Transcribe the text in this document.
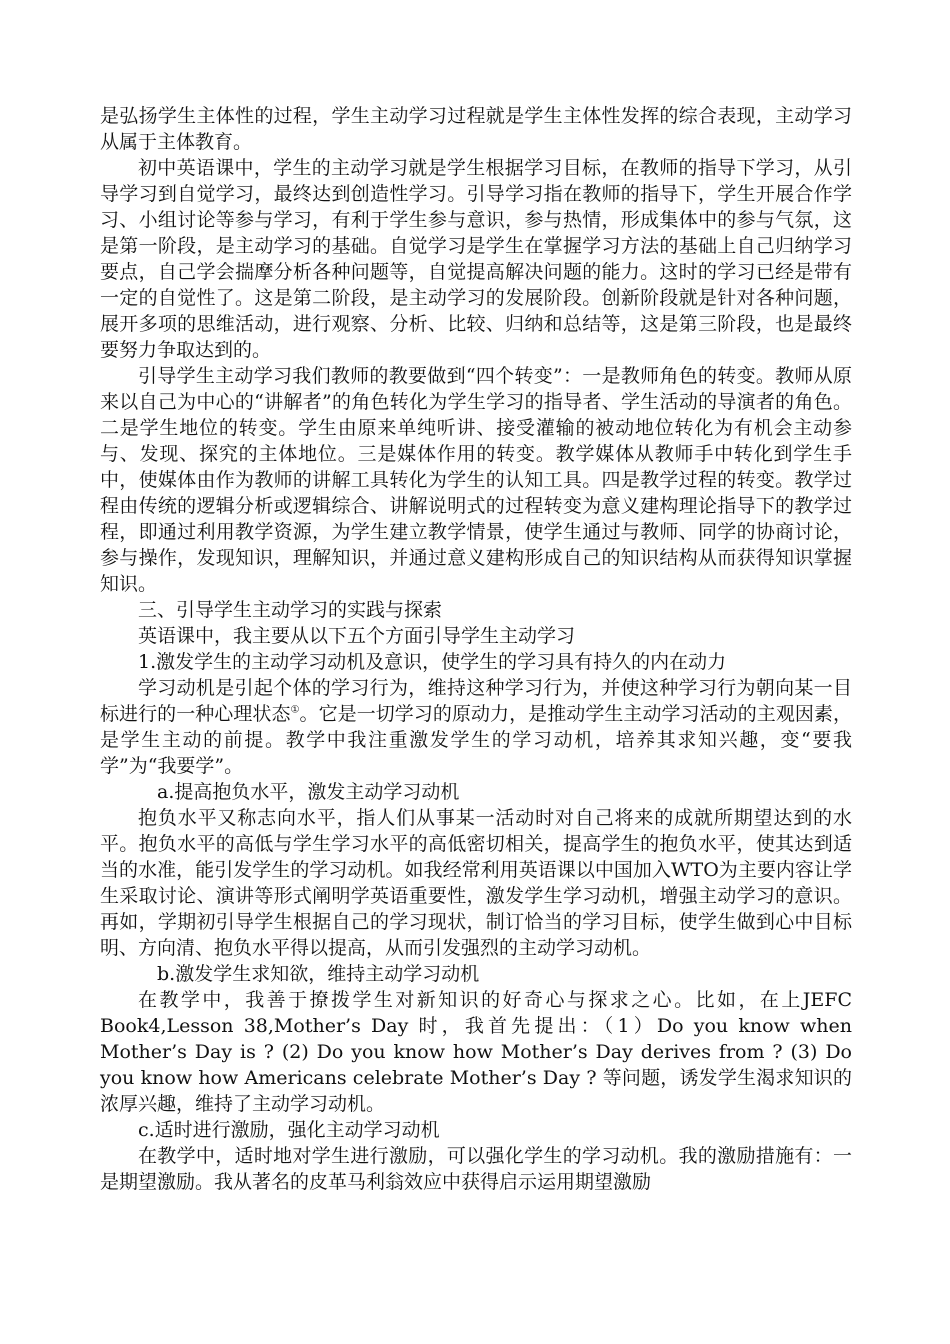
是弘扬学生主体性的过程，学生主动学习过程就是学生主体性发挥的综合表现，主动学习从属于主体教育。

初中英语课中，学生的主动学习就是学生根据学习目标，在教师的指导下学习，从引导学习到自觉学习，最终达到创造性学习。引导学习指在教师的指导下，学生开展合作学习、小组讨论等参与学习，有利于学生参与意识，参与热情，形成集体中的参与气氛，这是第一阶段，是主动学习的基础。自觉学习是学生在掌握学习方法的基础上自己归纳学习要点，自己学会揣摩分析各种问题等，自觉提高解决问题的能力。这时的学习已经是带有一定的自觉性了。这是第二阶段，是主动学习的发展阶段。创新阶段就是针对各种问题，展开多项的思维活动，进行观察、分析、比较、归纳和总结等，这是第三阶段，也是最终要努力争取达到的。

引导学生主动学习我们教师的教要做到“四个转变”：一是教师角色的转变。教师从原来以自己为中心的“讲解者”的角色转化为学生学习的指导者、学生活动的导演者的角色。二是学生地位的转变。学生由原来单纯听讲、接受灌输的被动地位转化为有机会主动参与、发现、探究的主体地位。三是媒体作用的转变。教学媒体从教师手中转化到学生手中，使媒体由作为教师的讲解工具转化为学生的认知工具。四是教学过程的转变。教学过程由传统的逻辑分析或逻辑综合、讲解说明式的过程转变为意义建构理论指导下的教学过程，即通过利用教学资源，为学生建立教学情景，使学生通过与教师、同学的协商讨论，参与操作，发现知识，理解知识，并通过意义建构形成自己的知识结构从而获得知识掌握知识。

三、引导学生主动学习的实践与探索

英语课中，我主要从以下五个方面引导学生主动学习

1.激发学生的主动学习动机及意识，使学生的学习具有持久的内在动力

学习动机是引起个体的学习行为，维持这种学习行为，并使这种学习行为朝向某一目标进行的一种心理状态①。它是一切学习的原动力，是推动学生主动学习活动的主观因素，是学生主动的前提。教学中我注重激发学生的学习动机，培养其求知兴趣，变“要我学”为“我要学”。

a.提高抱负水平，激发主动学习动机

抱负水平又称志向水平，指人们从事某一活动时对自己将来的成就所期望达到的水平。抱负水平的高低与学生学习水平的高低密切相关，提高学生的抱负水平，使其达到适当的水准，能引发学生的学习动机。如我经常利用英语课以中国加入WTO为主要内容让学生采取讨论、演讲等形式阐明学英语重要性，激发学生学习动机，增强主动学习的意识。再如，学期初引导学生根据自己的学习现状，制订恰当的学习目标，使学生做到心中目标明、方向清、抱负水平得以提高，从而引发强烈的主动学习动机。

b.激发学生求知欲，维持主动学习动机

在教学中，我善于撩拨学生对新知识的好奇心与探求之心。比如，在上JEFC Book4,Lesson 38,Mother’s Day 时，我首先提出：（1）Do you know when Mother’s Day is ? (2) Do you know how Mother’s Day derives from ? (3) Do you know how Americans celebrate Mother’s Day ? 等问题，诱发学生渴求知识的浓厚兴趣，维持了主动学习动机。

c.适时进行激励，强化主动学习动机

在教学中，适时地对学生进行激励，可以强化学生的学习动机。我的激励措施有：一是期望激励。我从著名的皮革马利翁效应中获得启示运用期望激励
